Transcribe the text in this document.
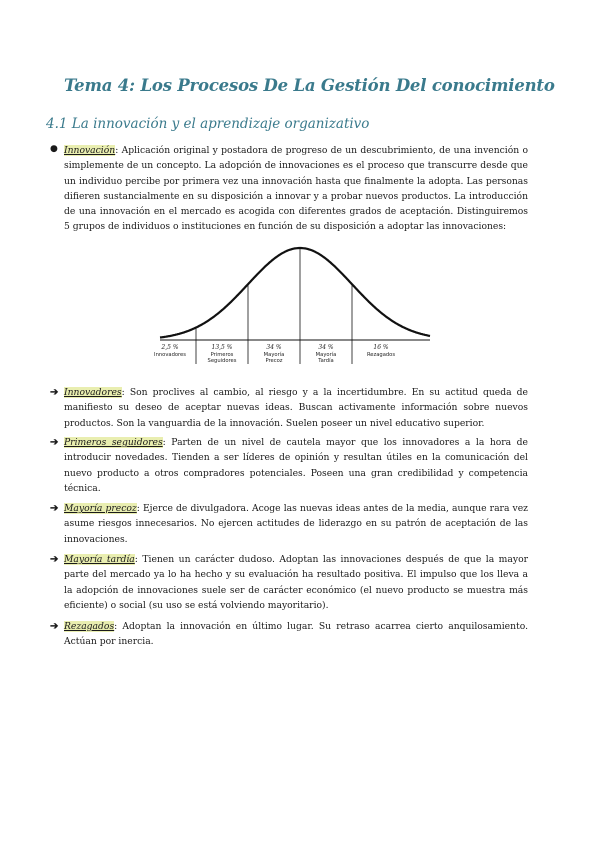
Tema 4: Los Procesos De La Gestión Del conocimiento
4.1 La innovación y el aprendizaje organizativo
● Innovación: Aplicación original y postadora de progreso de un descubrimiento, de una invención o simplemente de un concepto. La adopción de innovaciones es el proceso que transcurre desde que un individuo percibe por primera vez una innovación hasta que finalmente la adopta. Las personas difieren sustancialmente en su disposición a innovar y a probar nuevos productos. La introducción de una innovación en el mercado es acogida con diferentes grados de aceptación. Distinguiremos 5 grupos de individuos o instituciones en función de su disposición a adoptar las innovaciones:
2,5 %
Innovadores
13,5 %
Primeros
Seguidores
34 %
Mayoría
Precoz
34 %
Mayoría
Tardía
16 %
Rezagados
➔ Innovadores: Son proclives al cambio, al riesgo y a la incertidumbre. En su actitud queda de manifiesto su deseo de aceptar nuevas ideas. Buscan activamente información sobre nuevos productos. Son la vanguardia de la innovación. Suelen poseer un nivel educativo superior.
➔ Primeros seguidores: Parten de un nivel de cautela mayor que los innovadores a la hora de introducir novedades. Tienden a ser líderes de opinión y resultan útiles en la comunicación del nuevo producto a otros compradores potenciales. Poseen una gran credibilidad y competencia técnica.
➔ Mayoría precoz: Ejerce de divulgadora. Acoge las nuevas ideas antes de la media, aunque rara vez asume riesgos innecesarios. No ejercen actitudes de liderazgo en su patrón de aceptación de las innovaciones.
➔ Mayoría tardía: Tienen un carácter dudoso. Adoptan las innovaciones después de que la mayor parte del mercado ya lo ha hecho y su evaluación ha resultado positiva. El impulso que los lleva a la adopción de innovaciones suele ser de carácter económico (el nuevo producto se muestra más eficiente) o social (su uso se está volviendo mayoritario).
➔ Rezagados: Adoptan la innovación en último lugar. Su retraso acarrea cierto anquilosamiento. Actúan por inercia.
